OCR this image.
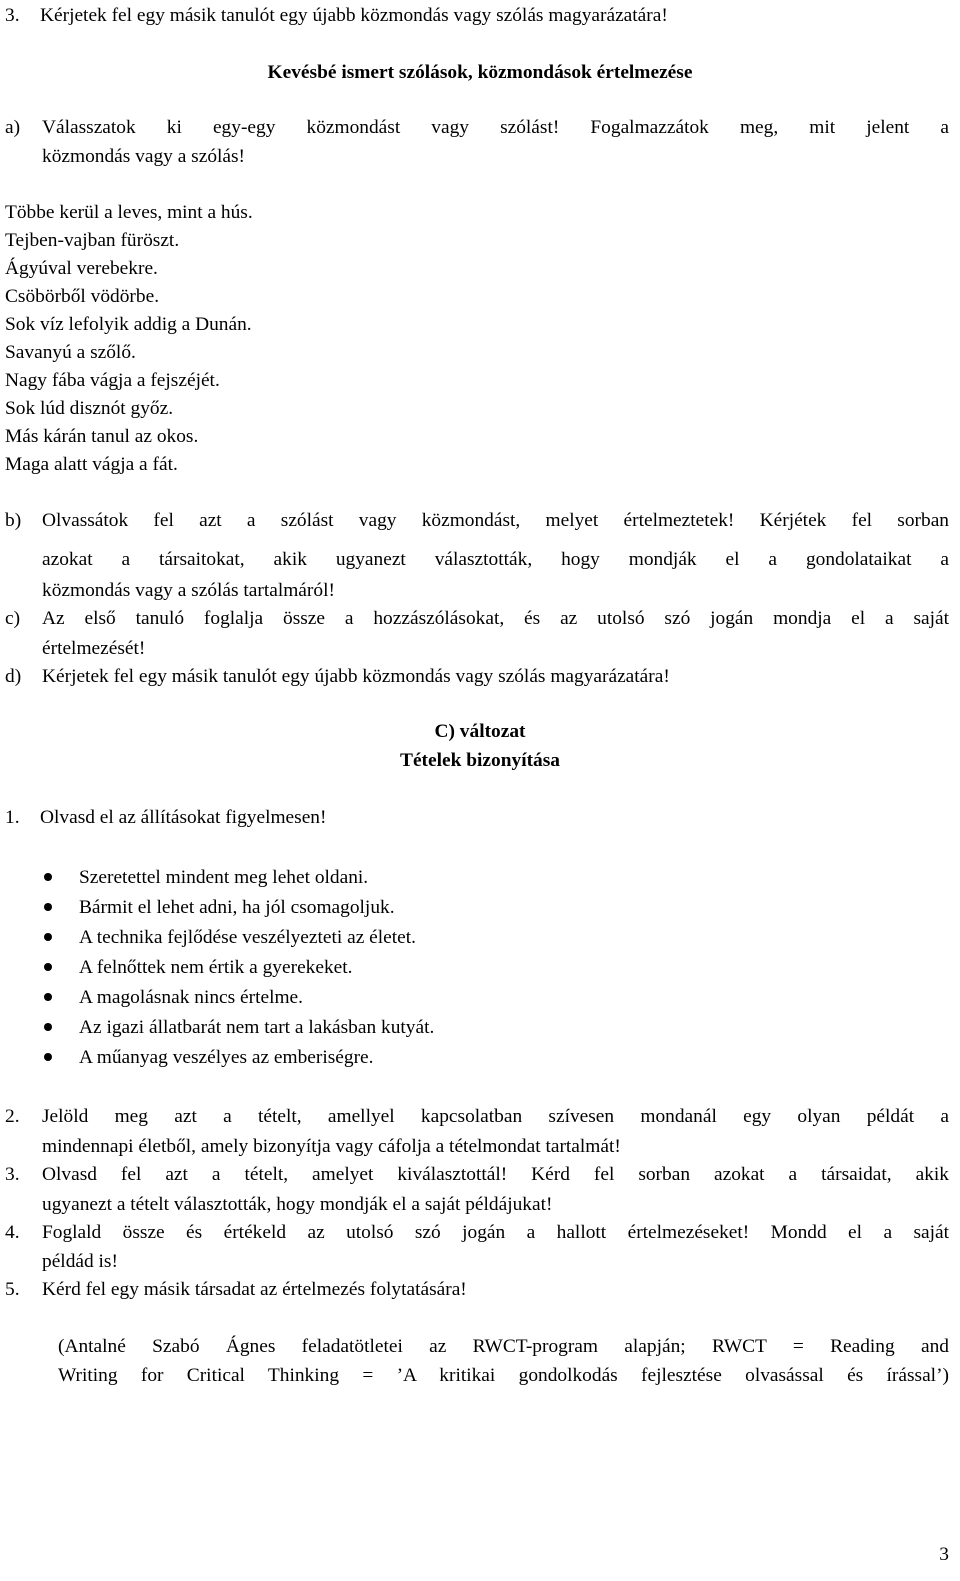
3. Kérjetek fel egy másik tanulót egy újabb közmondás vagy szólás magyarázatára!
Kevésbé ismert szólások, közmondások értelmezése
a) Válasszatok ki egy-egy közmondást vagy szólást! Fogalmazzátok meg, mit jelent a
közmondás vagy a szólás!
Többe kerül a leves, mint a hús.
Tejben-vajban füröszt.
Ágyúval verebekre.
Csöbörből vödörbe.
Sok víz lefolyik addig a Dunán.
Savanyú a szőlő.
Nagy fába vágja a fejszéjét.
Sok lúd disznót győz.
Más kárán tanul az okos.
Maga alatt vágja a fát.
b) Olvassátok fel azt a szólást vagy közmondást, melyet értelmeztetek! Kérjétek fel sorban
azokat a társaitokat, akik ugyanezt választották, hogy mondják el a gondolataikat a
közmondás vagy a szólás tartalmáról!
c) Az első tanuló foglalja össze a hozzászólásokat, és az utolsó szó jogán mondja el a saját
értelmezését!
d) Kérjetek fel egy másik tanulót egy újabb közmondás vagy szólás magyarázatára!
C) változat
Tételek bizonyítása
1. Olvasd el az állításokat figyelmesen!
Szeretettel mindent meg lehet oldani.
Bármit el lehet adni, ha jól csomagoljuk.
A technika fejlődése veszélyezteti az életet.
A felnőttek nem értik a gyerekeket.
A magolásnak nincs értelme.
Az igazi állatbarát nem tart a lakásban kutyát.
A műanyag veszélyes az emberiségre.
2. Jelöld meg azt a tételt, amellyel kapcsolatban szívesen mondanál egy olyan példát a
mindennapi életből, amely bizonyítja vagy cáfolja a tételmondat tartalmát!
3. Olvasd fel azt a tételt, amelyet kiválasztottál! Kérd fel sorban azokat a társaidat, akik
ugyanezt a tételt választották, hogy mondják el a saját példájukat!
4. Foglald össze és értékeld az utolsó szó jogán a hallott értelmezéseket! Mondd el a saját
példád is!
5. Kérd fel egy másik társadat az értelmezés folytatására!
(Antalné Szabó Ágnes feladatötletei az RWCT-program alapján; RWCT = Reading and
Writing for Critical Thinking = ’A kritikai gondolkodás fejlesztése olvasással és írással’)
3
